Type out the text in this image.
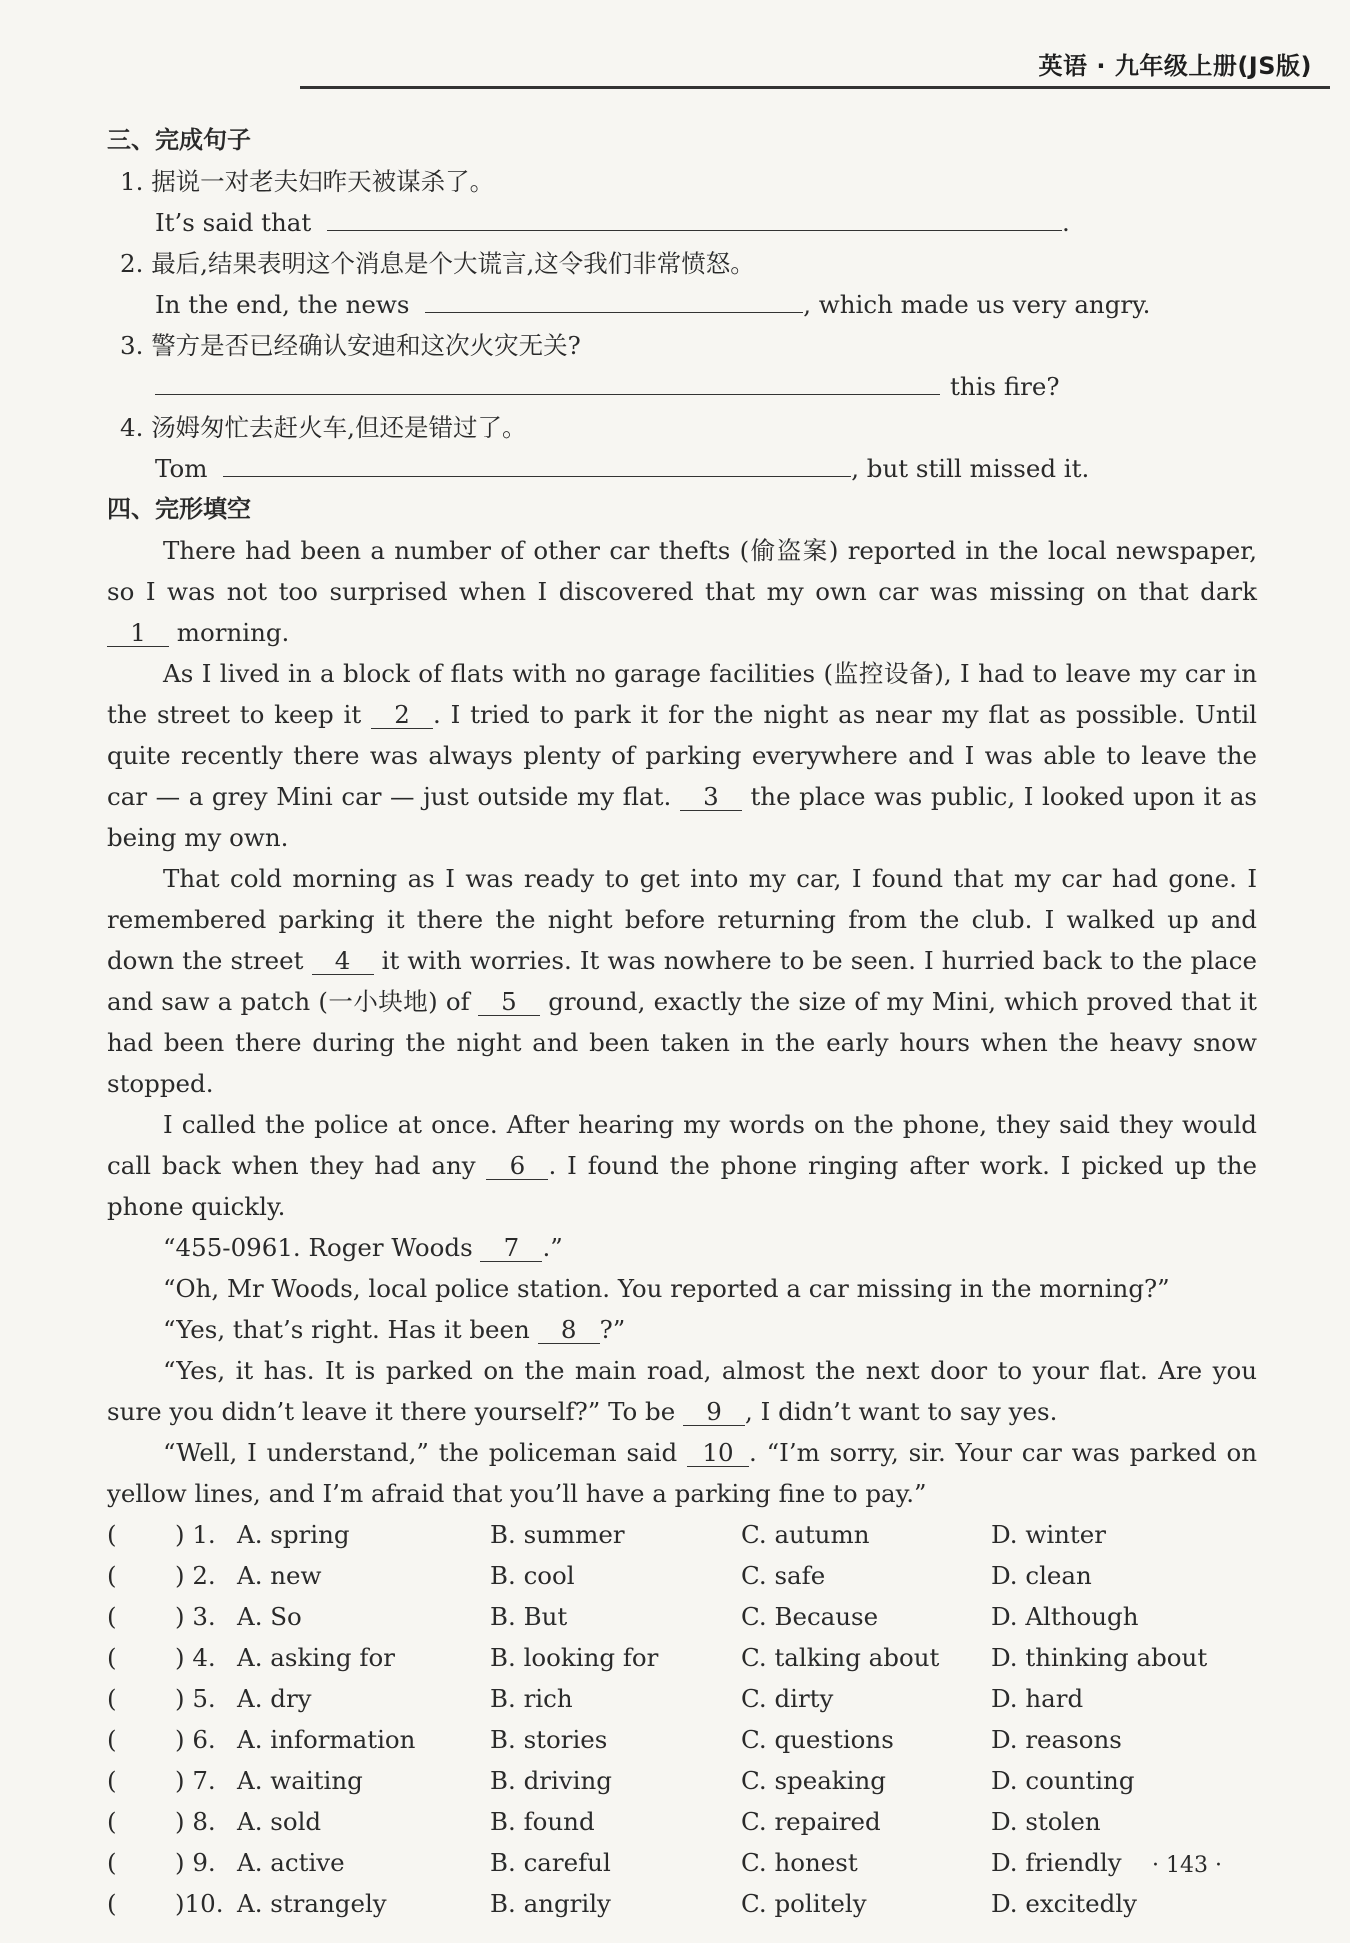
英语 · 九年级上册(JS版)
三、完成句子
1. 据说一对老夫妇昨天被谋杀了。
It’s said that	.
2. 最后,结果表明这个消息是个大谎言,这令我们非常愤怒。
In the end, the news	, which made us very angry.
3. 警方是否已经确认安迪和这次火灾无关?
this fire?
4. 汤姆匆忙去赶火车,但还是错过了。
Tom	, but still missed it.
四、完形填空

There had been a number of other car thefts (偷盗案) reported in the local newspaper, so I was not too surprised when I discovered that my own car was missing on that dark 1 morning.

As I lived in a block of flats with no garage facilities (监控设备), I had to leave my car in the street to keep it 2 . I tried to park it for the night as near my flat as possible. Until quite recently there was always plenty of parking everywhere and I was able to leave the car — a grey Mini car — just outside my flat. 3 the place was public, I looked upon it as being my own.

That cold morning as I was ready to get into my car, I found that my car had gone. I remembered parking it there the night before returning from the club. I walked up and down the street 4 it with worries. It was nowhere to be seen. I hurried back to the place and saw a patch (一小块地) of 5 ground, exactly the size of my Mini, which proved that it had been there during the night and been taken in the early hours when the heavy snow stopped.

I called the police at once. After hearing my words on the phone, they said they would call back when they had any 6 . I found the phone ringing after work. I picked up the phone quickly.

“455-0961. Roger Woods 7 .”

“Oh, Mr Woods, local police station. You reported a car missing in the morning?”

“Yes, that’s right. Has it been 8 ?”

“Yes, it has. It is parked on the main road, almost the next door to your flat. Are you sure you didn’t leave it there yourself?” To be 9 , I didn’t want to say yes.

“Well, I understand,” the policeman said 10 . “I’m sorry, sir. Your car was parked on yellow lines, and I’m afraid that you’ll have a parking fine to pay.”

( ) 1. A. spring	B. summer	C. autumn	D. winter
( ) 2. A. new	B. cool	C. safe	D. clean
( ) 3. A. So	B. But	C. Because	D. Although
( ) 4. A. asking for	B. looking for	C. talking about D. thinking about
( ) 5. A. dry	B. rich	C. dirty	D. hard
( ) 6. A. information	B. stories	C. questions	D. reasons
( ) 7. A. waiting	B. driving	C. speaking	D. counting
( ) 8. A. sold	B. found	C. repaired	D. stolen
( ) 9. A. active	B. careful	C. honest	D. friendly
( )10. A. strangely	B. angrily	C. politely	D. excitedly
· 143 ·
